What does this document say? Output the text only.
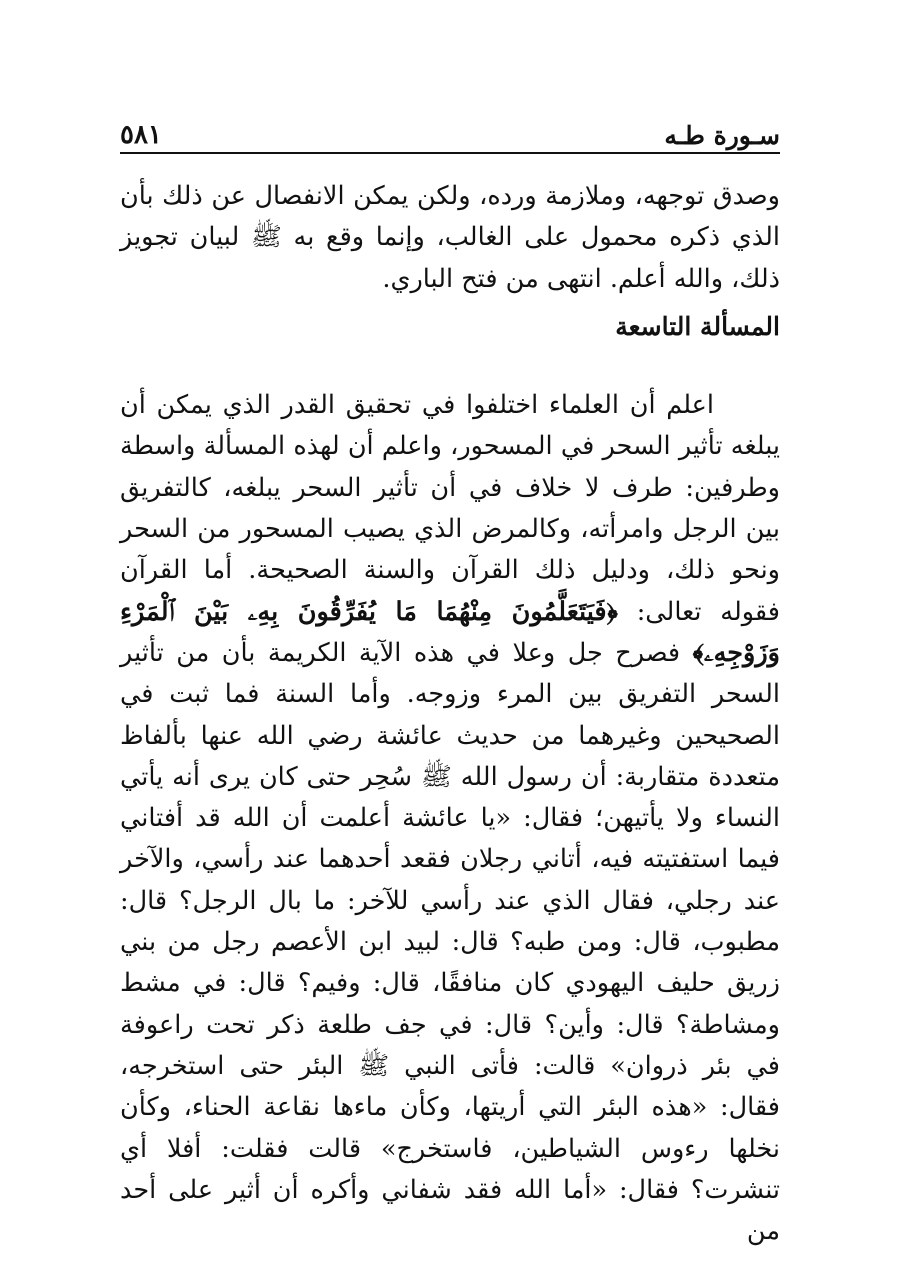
سـورة طـه
٥٨١

وصدق توجهه، وملازمة ورده، ولكن يمكن الانفصال عن ذلك بأن الذي ذكره محمول على الغالب، وإنما وقع به ﷺ لبيان تجويز ذلك، والله أعلم. انتهى من فتح الباري.

المسألة التاسعة

اعلم أن العلماء اختلفوا في تحقيق القدر الذي يمكن أن يبلغه تأثير السحر في المسحور، واعلم أن لهذه المسألة واسطة وطرفين: طرف لا خلاف في أن تأثير السحر يبلغه، كالتفريق بين الرجل وامرأته، وكالمرض الذي يصيب المسحور من السحر ونحو ذلك، ودليل ذلك القرآن والسنة الصحيحة. أما القرآن فقوله تعالى: ﴿فَيَتَعَلَّمُونَ مِنْهُمَا مَا يُفَرِّقُونَ بِهِۦ بَيْنَ ٱلْمَرْءِ وَزَوْجِهِۦ﴾ فصرح جل وعلا في هذه الآية الكريمة بأن من تأثير السحر التفريق بين المرء وزوجه. وأما السنة فما ثبت في الصحيحين وغيرهما من حديث عائشة رضي الله عنها بألفاظ متعددة متقاربة: أن رسول الله ﷺ سُحِر حتى كان يرى أنه يأتي النساء ولا يأتيهن؛ فقال: «يا عائشة أعلمت أن الله قد أفتاني فيما استفتيته فيه، أتاني رجلان فقعد أحدهما عند رأسي، والآخر عند رجلي، فقال الذي عند رأسي للآخر: ما بال الرجل؟ قال: مطبوب، قال: ومن طبه؟ قال: لبيد ابن الأعصم رجل من بني زريق حليف اليهودي كان منافقًا، قال: وفيم؟ قال: في مشط ومشاطة؟ قال: وأين؟ قال: في جف طلعة ذكر تحت راعوفة في بئر ذروان» قالت: فأتى النبي ﷺ البئر حتى استخرجه، فقال: «هذه البئر التي أريتها، وكأن ماءها نقاعة الحناء، وكأن نخلها رءوس الشياطين، فاستخرج» قالت فقلت: أفلا أي تنشرت؟ فقال: «أما الله فقد شفاني وأكره أن أثير على أحد من
